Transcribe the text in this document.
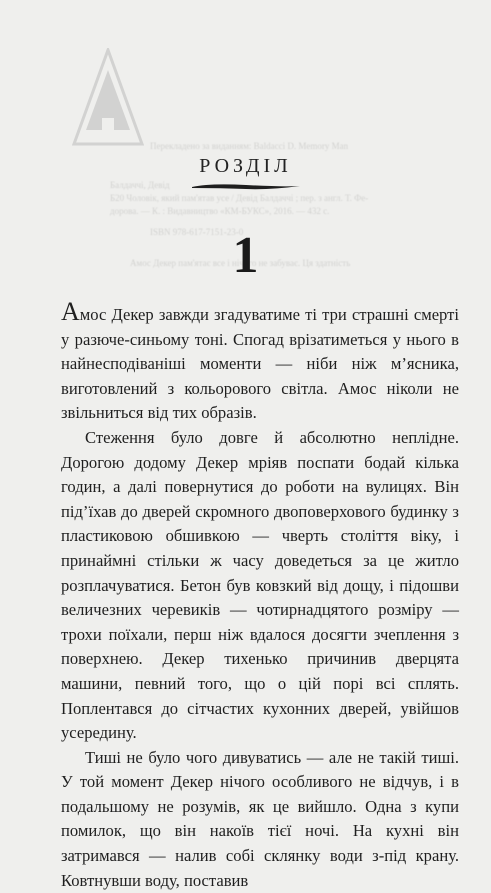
Перекладено за виданням: Baldacci D. Memory Man
Балдаччі, Девід
Б20 Чоловік, який пам'ятав усе / Девід Балдаччі ; пер. з англ. Т. Фе-
дорова. — К. : Видавництво «КМ-БУКС», 2016. — 432 с.
ISBN 978-617-7151-23-0
Амос Декер пам'ятає все і нічого не забуває. Ця здатність
РОЗДІЛ
1

Амос Декер завжди згадуватиме ті три страшні смерті у разюче-синьому тоні. Спогад врізатиметься у нього в найнесподіваніші моменти — ніби ніж м’ясника, виготовлений з кольорового світла. Амос ніколи не звільниться від тих образів.

Стеження було довге й абсолютно неплідне. Дорогою додому Декер мріяв поспати бодай кілька годин, а далі повернутися до роботи на вулицях. Він під’їхав до дверей скромного двоповерхового будинку з пластиковою обшивкою — чверть століття віку, і принаймні стільки ж часу доведеться за це житло розплачуватися. Бетон був ковзкий від дощу, і підошви величезних черевиків — чотирнадцятого розміру — трохи поїхали, перш ніж вдалося досягти зчеплення з поверхнею. Декер тихенько причинив дверцята машини, певний того, що о цій порі всі сплять. Поплентався до сітчастих кухонних дверей, увійшов усередину.

Тиші не було чого дивуватись — але не такій тиші. У той момент Декер нічого особливого не відчув, і в подальшому не розумів, як це вийшло. Одна з купи помилок, що він накоїв тієї ночі. На кухні він затримався — налив собі склянку води з-під крану. Ковтнувши воду, поставив
